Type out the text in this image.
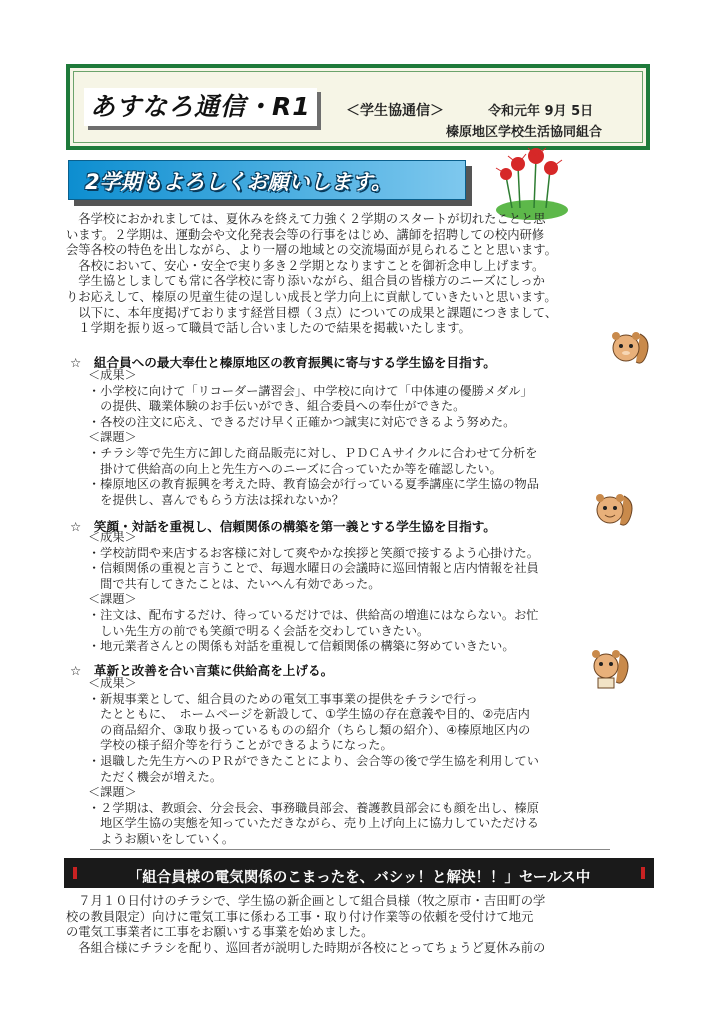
あすなろ通信・R1	＜学生協通信＞	令和元年 9月 5日
榛原地区学校生活協同組合
2学期もよろしくお願いします。

各学校におかれましては、夏休みを終えて力強く２学期のスタートが切れたことと思

います。２学期は、運動会や文化発表会等の行事をはじめ、講師を招聘しての校内研修

会等各校の特色を出しながら、より一層の地域との交流場面が見られることと思います。

各校において、安心・安全で実り多き２学期となりますことを御祈念申し上げます。

学生協としましても常に各学校に寄り添いながら、組合員の皆様方のニーズにしっか

りお応えして、榛原の児童生徒の逞しい成長と学力向上に貢献していきたいと思います。

以下に、本年度掲げております経営目標（３点）についての成果と課題につきまして、

１学期を振り返って職員で話し合いましたので結果を掲載いたします。

☆　組合員への最大奉仕と榛原地区の教育振興に寄与する学生協を目指す。
＜成果＞
・小学校に向けて「リコーダー講習会」、中学校に向けて「中体連の優勝メダル」
　の提供、職業体験のお手伝いができ、組合委員への奉仕ができた。
・各校の注文に応え、できるだけ早く正確かつ誠実に対応できるよう努めた。
＜課題＞
・チラシ等で先生方に卸した商品販売に対し、ＰＤＣＡサイクルに合わせて分析を
　掛けて供給高の向上と先生方へのニーズに合っていたか等を確認したい。
・榛原地区の教育振興を考えた時、教育協会が行っている夏季講座に学生協の物品
　を提供し、喜んでもらう方法は採れないか？
☆　笑顔・対話を重視し、信頼関係の構築を第一義とする学生協を目指す。
＜成果＞
・学校訪問や来店するお客様に対して爽やかな挨拶と笑顔で接するよう心掛けた。
・信頼関係の重視と言うことで、毎週水曜日の会議時に巡回情報と店内情報を社員
　間で共有してきたことは、たいへん有効であった。
＜課題＞
・注文は、配布するだけ、待っているだけでは、供給高の増進にはならない。お忙
　しい先生方の前でも笑顔で明るく会話を交わしていきたい。
・地元業者さんとの関係も対話を重視して信頼関係の構築に努めていきたい。
☆　革新と改善を合い言葉に供給高を上げる。
＜成果＞
・新規事業として、組合員のための電気工事事業の提供をチラシで行っ
　たとともに、　ホームページを新設して、①学生協の存在意義や目的、②売店内
　の商品紹介、③取り扱っているものの紹介（ちらし類の紹介）、④榛原地区内の
　学校の様子紹介等を行うことができるようになった。
・退職した先生方へのＰＲができたことにより、会合等の後で学生協を利用してい
　ただく機会が増えた。
＜課題＞
・２学期は、教頭会、分会長会、事務職員部会、養護教員部会にも顔を出し、榛原
　地区学生協の実態を知っていただきながら、売り上げ向上に協力していただける
　ようお願いをしていく。
「組合員様の電気関係のこまったを、バシッ！と解決！！」セールス中

７月１０日付けのチラシで、学生協の新企画として組合員様（牧之原市・吉田町の学

校の教員限定）向けに電気工事に係わる工事・取り付け作業等の依頼を受付けて地元

の電気工事業者に工事をお願いする事業を始めました。

各組合様にチラシを配り、巡回者が説明した時期が各校にとってちょうど夏休み前の
